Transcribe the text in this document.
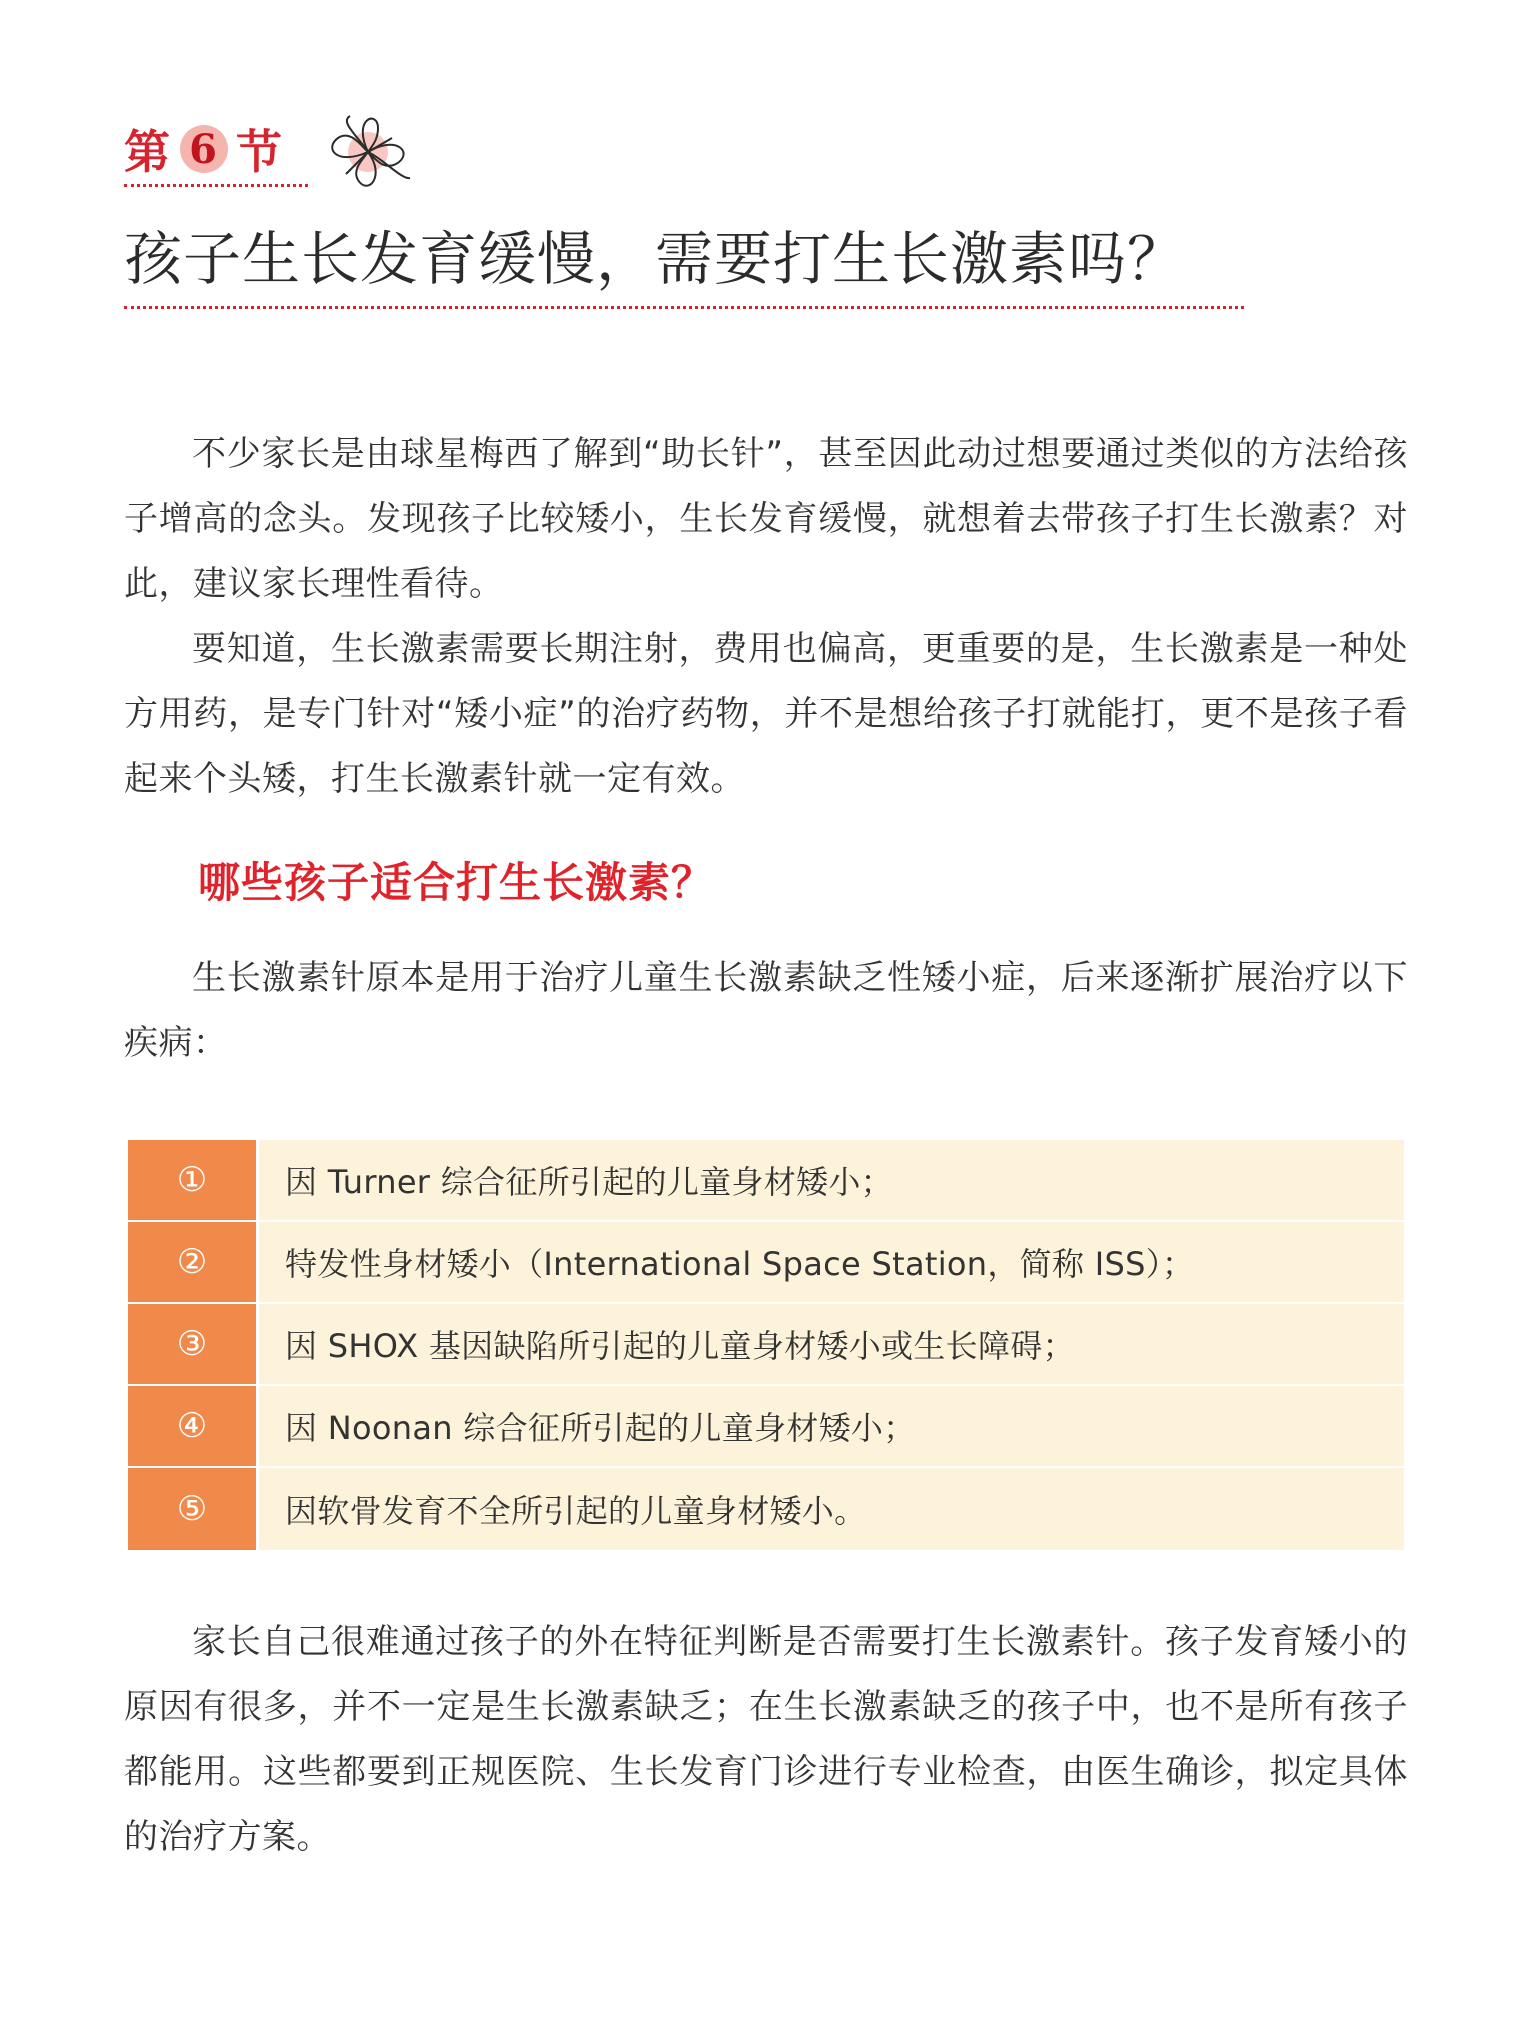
第 6 节
孩子生长发育缓慢，需要打生长激素吗？

不少家长是由球星梅西了解到“助长针”，甚至因此动过想要通过类似的方法给孩子增高的念头。发现孩子比较矮小，生长发育缓慢，就想着去带孩子打生长激素？对此，建议家长理性看待。

要知道，生长激素需要长期注射，费用也偏高，更重要的是，生长激素是一种处方用药，是专门针对“矮小症”的治疗药物，并不是想给孩子打就能打，更不是孩子看起来个头矮，打生长激素针就一定有效。

哪些孩子适合打生长激素？

生长激素针原本是用于治疗儿童生长激素缺乏性矮小症，后来逐渐扩展治疗以下疾病：

①	因 Turner 综合征所引起的儿童身材矮小；
②	特发性身材矮小（International Space Station，简称 ISS）；
③	因 SHOX 基因缺陷所引起的儿童身材矮小或生长障碍；
④	因 Noonan 综合征所引起的儿童身材矮小；
⑤	因软骨发育不全所引起的儿童身材矮小。

家长自己很难通过孩子的外在特征判断是否需要打生长激素针。孩子发育矮小的原因有很多，并不一定是生长激素缺乏；在生长激素缺乏的孩子中，也不是所有孩子都能用。这些都要到正规医院、生长发育门诊进行专业检查，由医生确诊，拟定具体的治疗方案。
